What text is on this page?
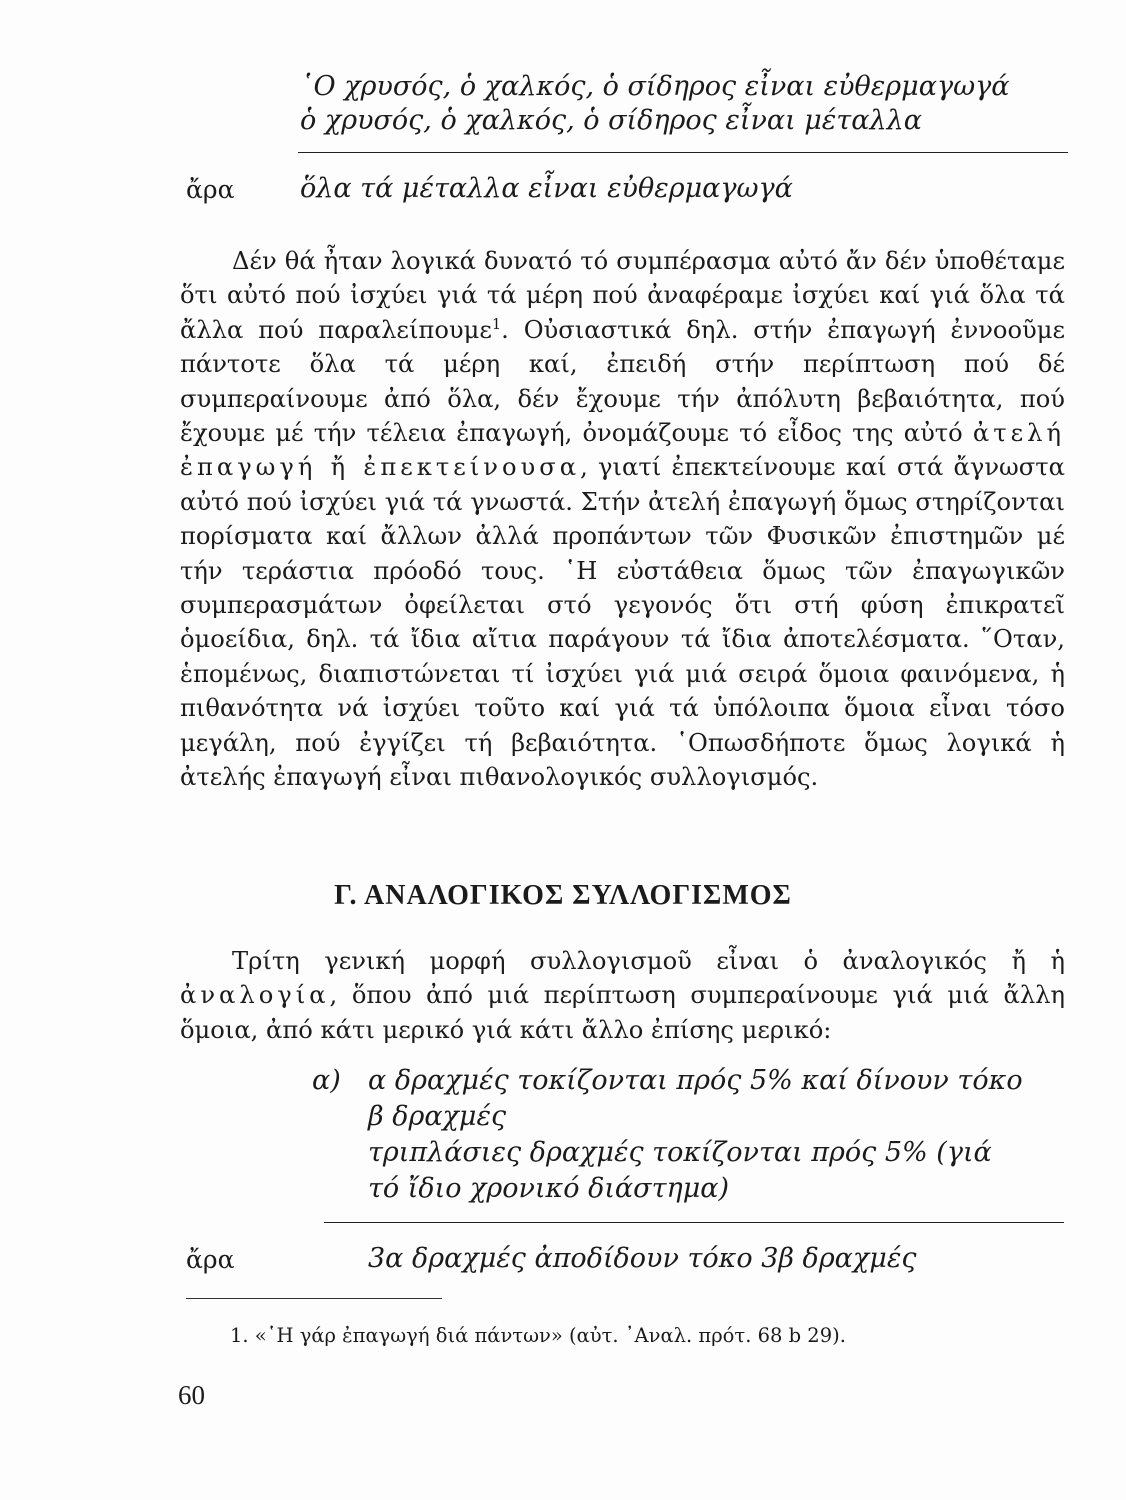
῾Ο χρυσός, ὁ χαλκός, ὁ σίδηρος εἶναι εὐθερμαγωγά

ὁ χρυσός, ὁ χαλκός, ὁ σίδηρος εἶναι μέταλλα

ἄρα ὅλα τά μέταλλα εἶναι εὐθερμαγωγά

Δέν θά ἦταν λογικά δυνατό τό συμπέρασμα αὐτό ἄν δέν ὑποθέταμε ὅτι αὐτό πού ἰσχύει γιά τά μέρη πού ἀναφέραμε ἰσχύει καί γιά ὅλα τά ἄλλα πού παραλείπουμε$^1$. Οὐσιαστικά δηλ. στήν ἐπαγωγή ἐννοοῦμε πάντοτε ὅλα τά μέρη καί, ἐπειδή στήν περίπτωση πού δέ συμπεραίνουμε ἀπό ὅλα, δέν ἔχουμε τήν ἀπόλυτη βεβαιότητα, πού ἔχουμε μέ τήν τέλεια ἐπαγωγή, ὀνομάζουμε τό εἶδος της αὐτό ἀτελή ἐπαγωγή ἤ ἐπεκτείνουσα, γιατί ἐπεκτείνουμε καί στά ἄγνωστα αὐτό πού ἰσχύει γιά τά γνωστά. Στήν ἀτελή ἐπαγωγή ὅμως στηρίζονται πορίσματα καί ἄλλων ἀλλά προπάντων τῶν Φυσικῶν ἐπιστημῶν μέ τήν τεράστια πρόοδό τους. ῾Η εὐστάθεια ὅμως τῶν ἐπαγωγικῶν συμπερασμάτων ὀφείλεται στό γεγονός ὅτι στή φύση ἐπικρατεῖ ὁμοείδια, δηλ. τά ἴδια αἴτια παράγουν τά ἴδια ἀποτελέσματα. ῞Οταν, ἑπομένως, διαπιστώνεται τί ἰσχύει γιά μιά σειρά ὅμοια φαινόμενα, ἡ πιθανότητα νά ἰσχύει τοῦτο καί γιά τά ὑπόλοιπα ὅμοια εἶναι τόσο μεγάλη, πού ἐγγίζει τή βεβαιότητα. ῾Οπωσδήποτε ὅμως λογικά ἡ ἀτελής ἐπαγωγή εἶναι πιθανολογικός συλλογισμός.

Γ. ΑΝΑΛΟΓΙΚΟΣ ΣΥΛΛΟΓΙΣΜΟΣ

Τρίτη γενική μορφή συλλογισμοῦ εἶναι ὁ ἀναλογικός ἤ ἡ ἀναλογία, ὅπου ἀπό μιά περίπτωση συμπεραίνουμε γιά μιά ἄλλη ὅμοια, ἀπό κάτι μερικό γιά κάτι ἄλλο ἐπίσης μερικό:

α) α δραχμές τοκίζονται πρός 5% καί δίνουν τόκο

β δραχμές

τριπλάσιες δραχμές τοκίζονται πρός 5% (γιά

τό ἴδιο χρονικό διάστημα)

ἄρα	3α δραχμές ἀποδίδουν τόκο 3β δραχμές

1. «῾Η γάρ ἐπαγωγή διά πάντων» (αὐτ. ᾿Αναλ. πρότ. 68 b 29).

60
